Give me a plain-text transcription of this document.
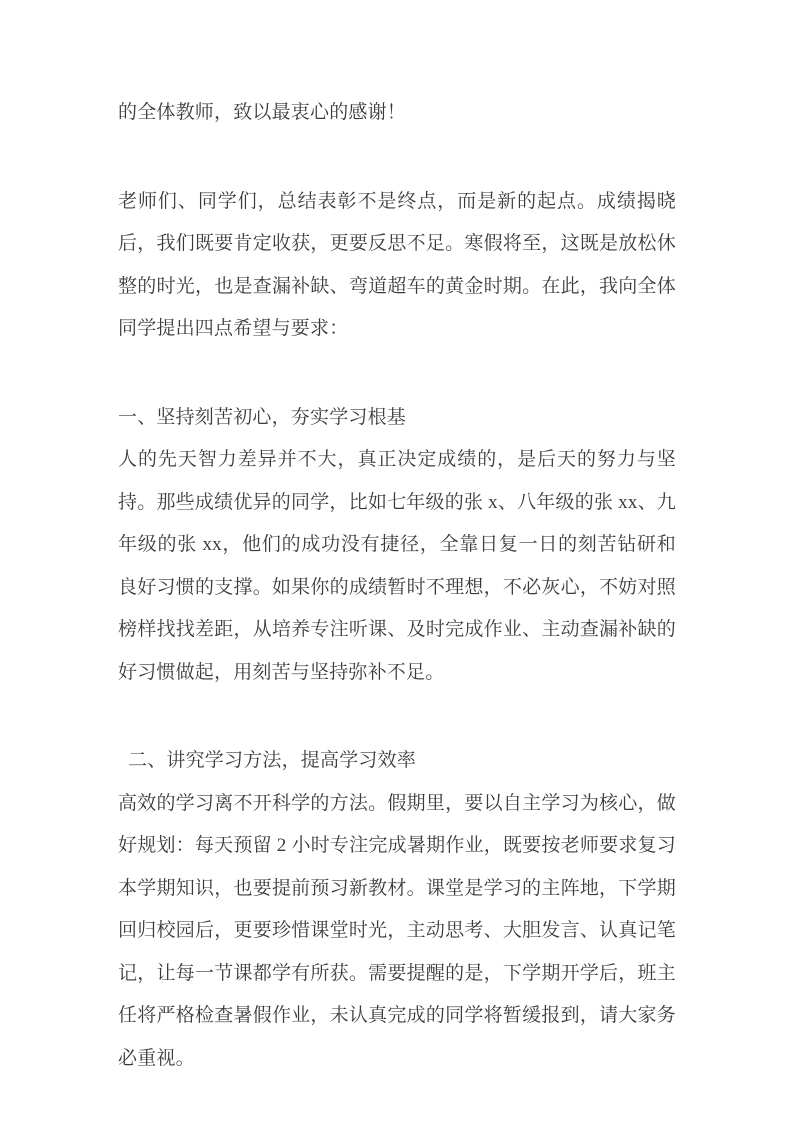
的全体教师，致以最衷心的感谢！

老师们、同学们，总结表彰不是终点，而是新的起点。成绩揭晓后，我们既要肯定收获，更要反思不足。寒假将至，这既是放松休整的时光，也是查漏补缺、弯道超车的黄金时期。在此，我向全体同学提出四点希望与要求：

一、坚持刻苦初心，夯实学习根基

人的先天智力差异并不大，真正决定成绩的，是后天的努力与坚持。那些成绩优异的同学，比如七年级的张 x、八年级的张 xx、九年级的张 xx，他们的成功没有捷径，全靠日复一日的刻苦钻研和良好习惯的支撑。如果你的成绩暂时不理想，不必灰心，不妨对照榜样找找差距，从培养专注听课、及时完成作业、主动查漏补缺的好习惯做起，用刻苦与坚持弥补不足。

二、讲究学习方法，提高学习效率

高效的学习离不开科学的方法。假期里，要以自主学习为核心，做好规划：每天预留 2 小时专注完成暑期作业，既要按老师要求复习本学期知识，也要提前预习新教材。课堂是学习的主阵地，下学期回归校园后，更要珍惜课堂时光，主动思考、大胆发言、认真记笔记，让每一节课都学有所获。需要提醒的是，下学期开学后，班主任将严格检查暑假作业，未认真完成的同学将暂缓报到，请大家务必重视。
